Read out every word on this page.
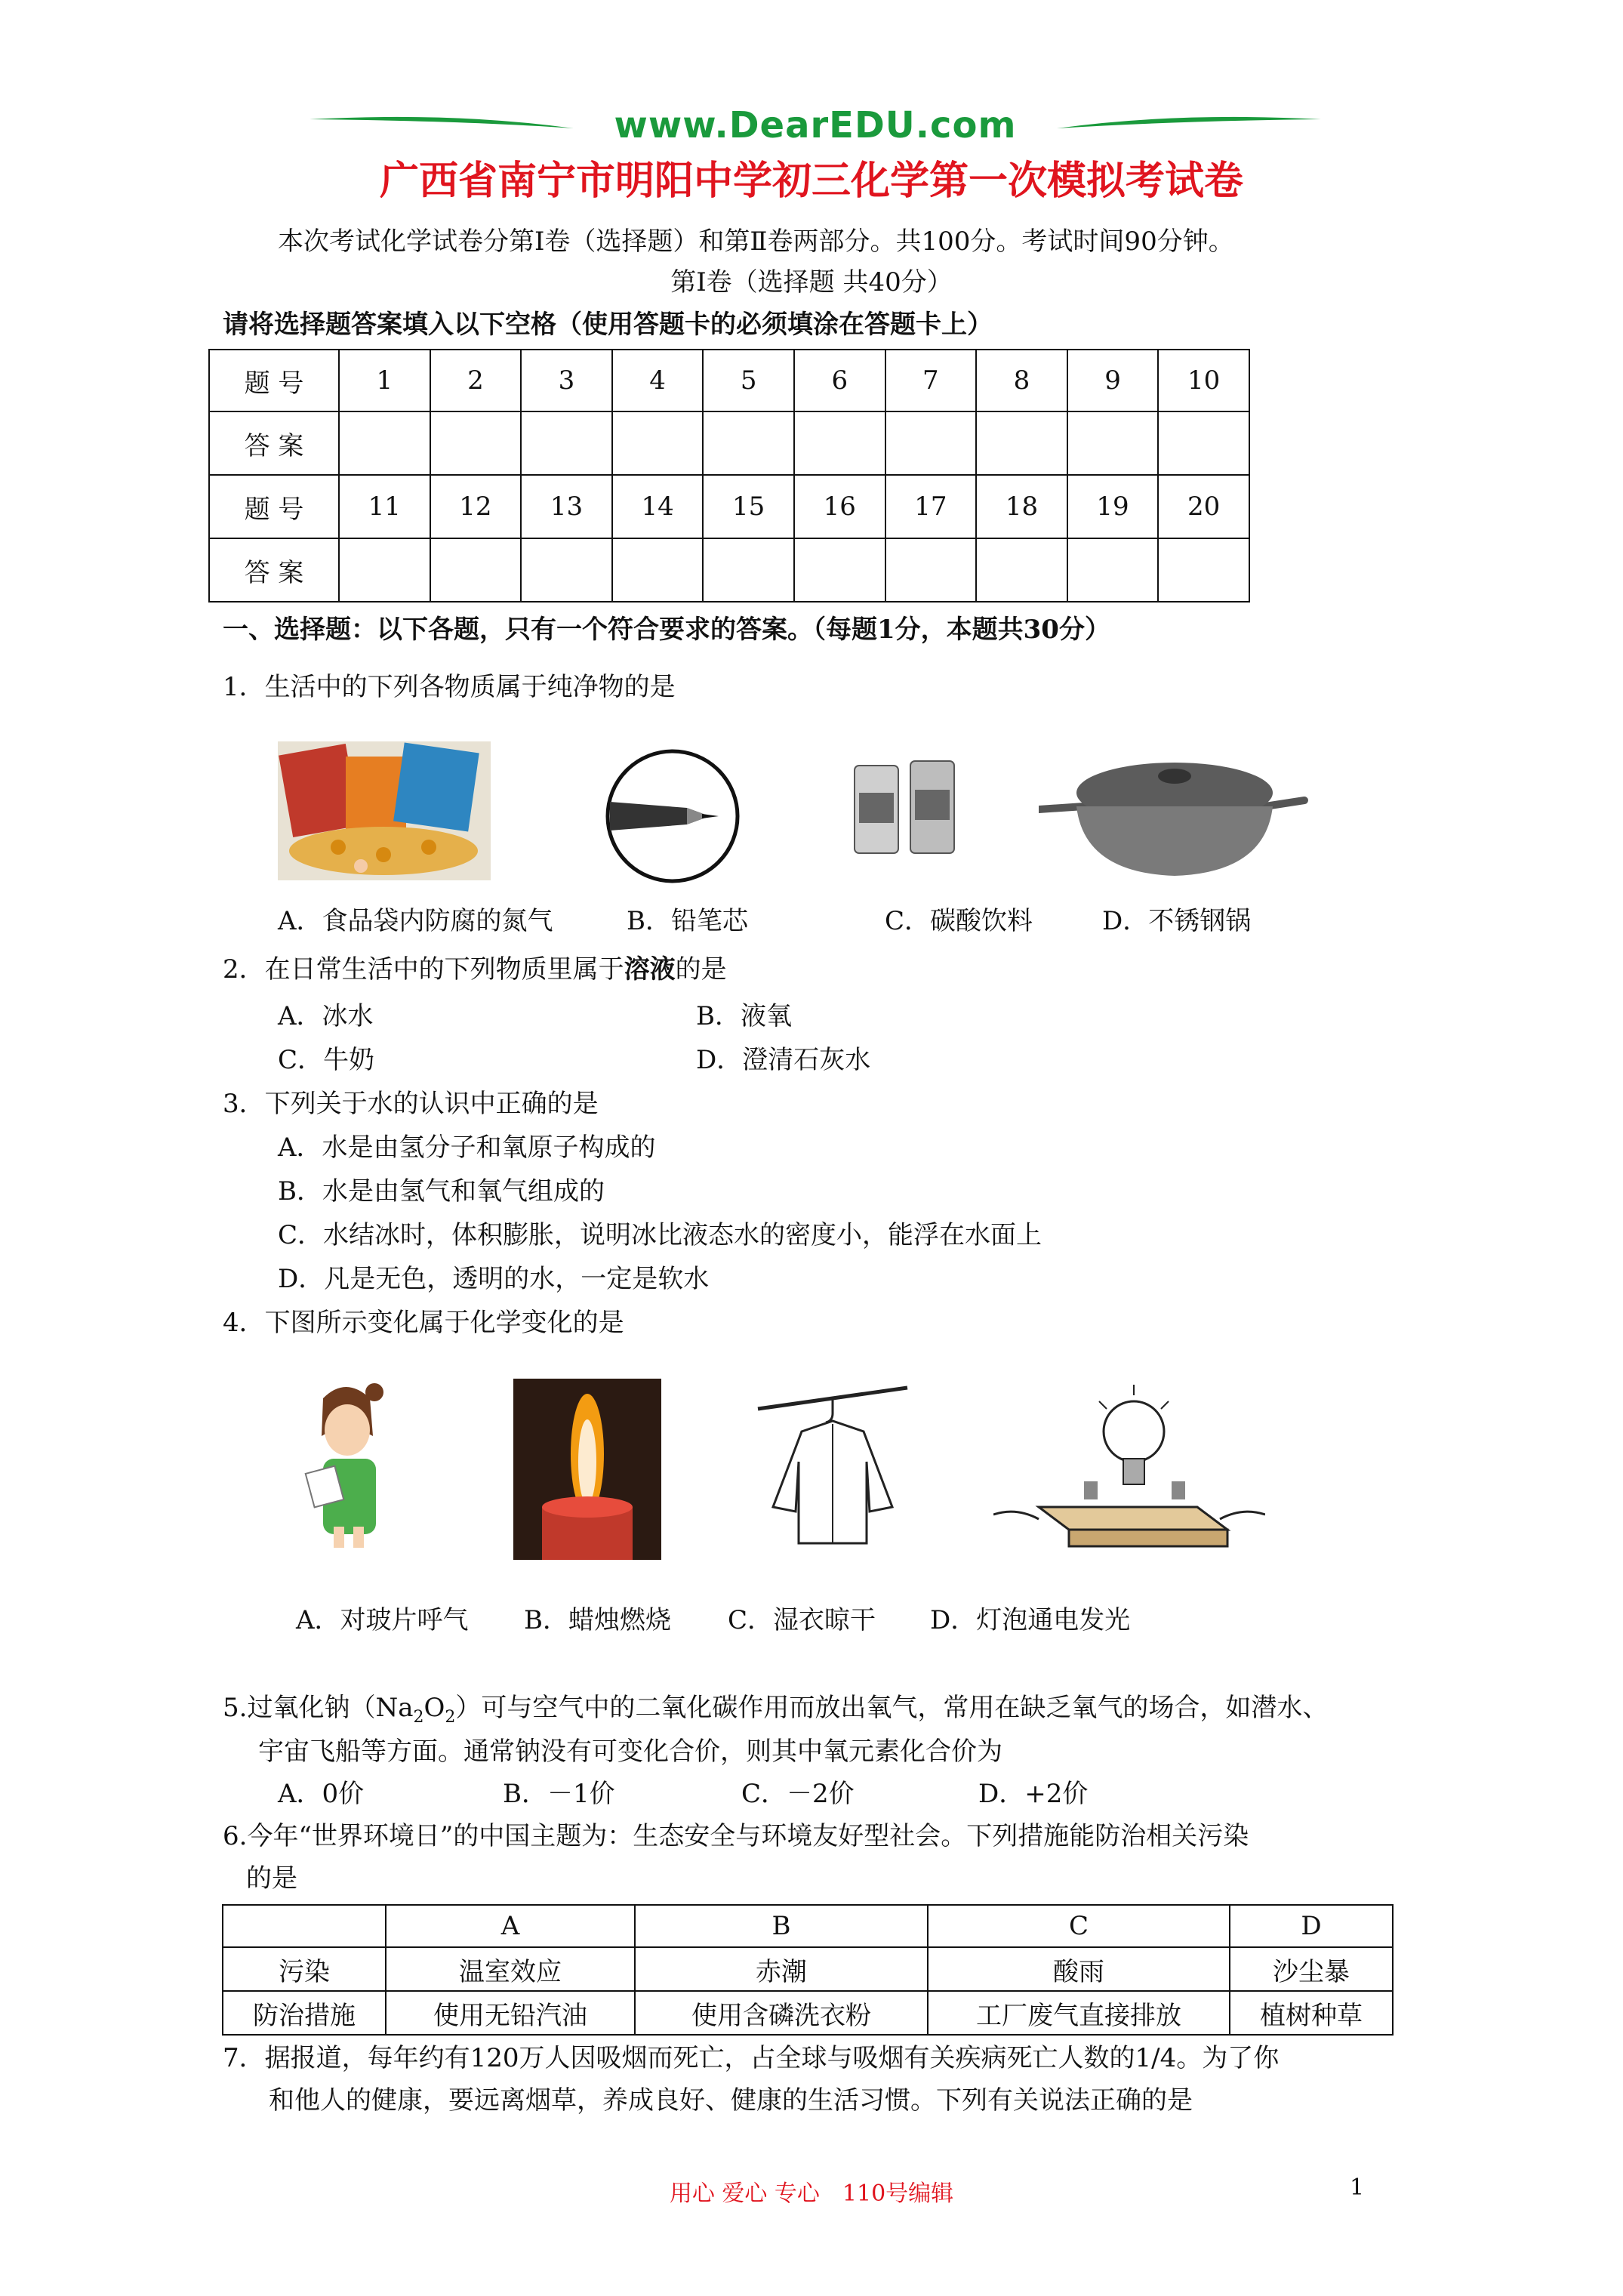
www.DearEDU.com
广西省南宁市明阳中学初三化学第一次模拟考试卷
本次考试化学试卷分第Ⅰ卷（选择题）和第Ⅱ卷两部分。共100分。考试时间90分钟。
第Ⅰ卷（选择题 共40分）
请将选择题答案填入以下空格（使用答题卡的必须填涂在答题卡上）
题 号	1	2	3	4	5	6	7	8	9	10
答 案										
题 号	11	12	13	14	15	16	17	18	19	20
答 案										
一、选择题：以下各题，只有一个符合要求的答案。（每题1分，本题共30分）
1．生活中的下列各物质属于纯净物的是
A．食品袋内防腐的氮气	B．铅笔芯	C．碳酸饮料	D．不锈钢锅
2．在日常生活中的下列物质里属于溶液的是
A．冰水	B．液氧
C．牛奶	D．澄清石灰水
3．下列关于水的认识中正确的是
A．水是由氢分子和氧原子构成的
B．水是由氢气和氧气组成的
C．水结冰时，体积膨胀，说明冰比液态水的密度小，能浮在水面上
D．凡是无色，透明的水，一定是软水
4．下图所示变化属于化学变化的是
A．对玻片呼气 B．蜡烛燃烧 C．湿衣晾干 D．灯泡通电发光
5.过氧化钠$(Na_2O_2)$可与空气中的二氧化碳作用而放出氧气，常用在缺乏氧气的场合，如潜水、
宇宙飞船等方面。通常钠没有可变化合价，则其中氧元素化合价为
A．0价	B．－1价	C．－2价	D．+2价
6.今年“世界环境日”的中国主题为：生态安全与环境友好型社会。下列措施能防治相关污染
的是
	A	B	C	D
污染	温室效应	赤潮	酸雨	沙尘暴
防治措施	使用无铅汽油	使用含磷洗衣粉	工厂废气直接排放	植树种草
7．据报道，每年约有120万人因吸烟而死亡，占全球与吸烟有关疾病死亡人数的1/4。为了你
和他人的健康，要远离烟草，养成良好、健康的生活习惯。下列有关说法正确的是
用心 爱心 专心　110号编辑	1
